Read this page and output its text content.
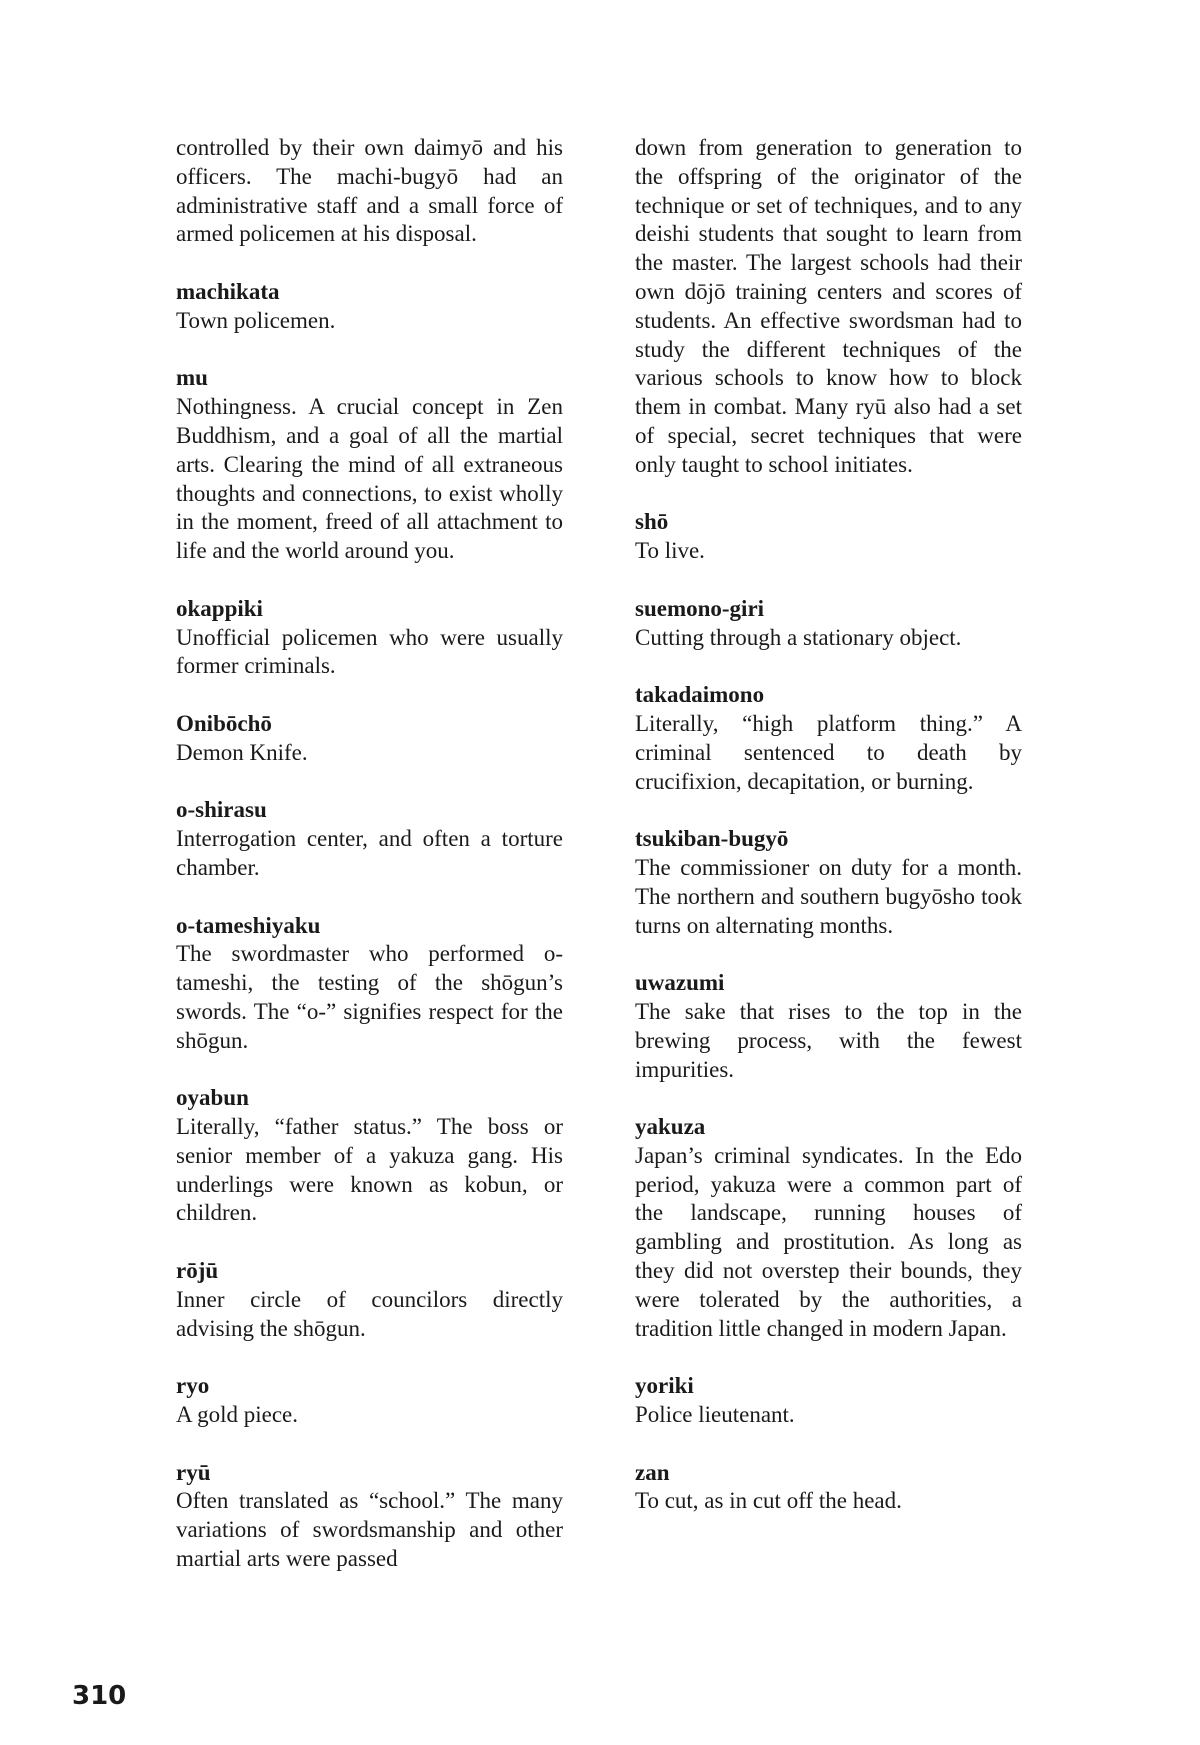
controlled by their own daimyō and his officers. The machi-bugyō had an administrative staff and a small force of armed policemen at his disposal.

machikata

Town policemen.

mu

Nothingness. A crucial concept in Zen Buddhism, and a goal of all the martial arts. Clearing the mind of all extraneous thoughts and connections, to exist wholly in the moment, freed of all attachment to life and the world around you.

okappiki

Unofficial policemen who were usually former criminals.

Onibōchō

Demon Knife.

o-shirasu

Interrogation center, and often a torture chamber.

o-tameshiyaku

The swordmaster who performed o-tameshi, the testing of the shōgun’s swords. The “o-” signifies respect for the shōgun.

oyabun

Literally, “father status.” The boss or senior member of a yakuza gang. His underlings were known as kobun, or children.

rōjū

Inner circle of councilors directly advising the shōgun.

ryo

A gold piece.

ryū

Often translated as “school.” The many variations of swordsmanship and other martial arts were passed

down from generation to generation to the offspring of the originator of the technique or set of techniques, and to any deishi students that sought to learn from the master. The largest schools had their own dōjō training centers and scores of students. An effective swordsman had to study the different techniques of the various schools to know how to block them in combat. Many ryū also had a set of special, secret techniques that were only taught to school initiates.

shō

To live.

suemono-giri

Cutting through a stationary object.

takadaimono

Literally, “high platform thing.” A criminal sentenced to death by crucifixion, decapitation, or burning.

tsukiban-bugyō

The commissioner on duty for a month. The northern and southern bugyōsho took turns on alternating months.

uwazumi

The sake that rises to the top in the brewing process, with the fewest impurities.

yakuza

Japan’s criminal syndicates. In the Edo period, yakuza were a common part of the landscape, running houses of gambling and prostitution. As long as they did not overstep their bounds, they were tolerated by the authorities, a tradition little changed in modern Japan.

yoriki

Police lieutenant.

zan

To cut, as in cut off the head.

310
